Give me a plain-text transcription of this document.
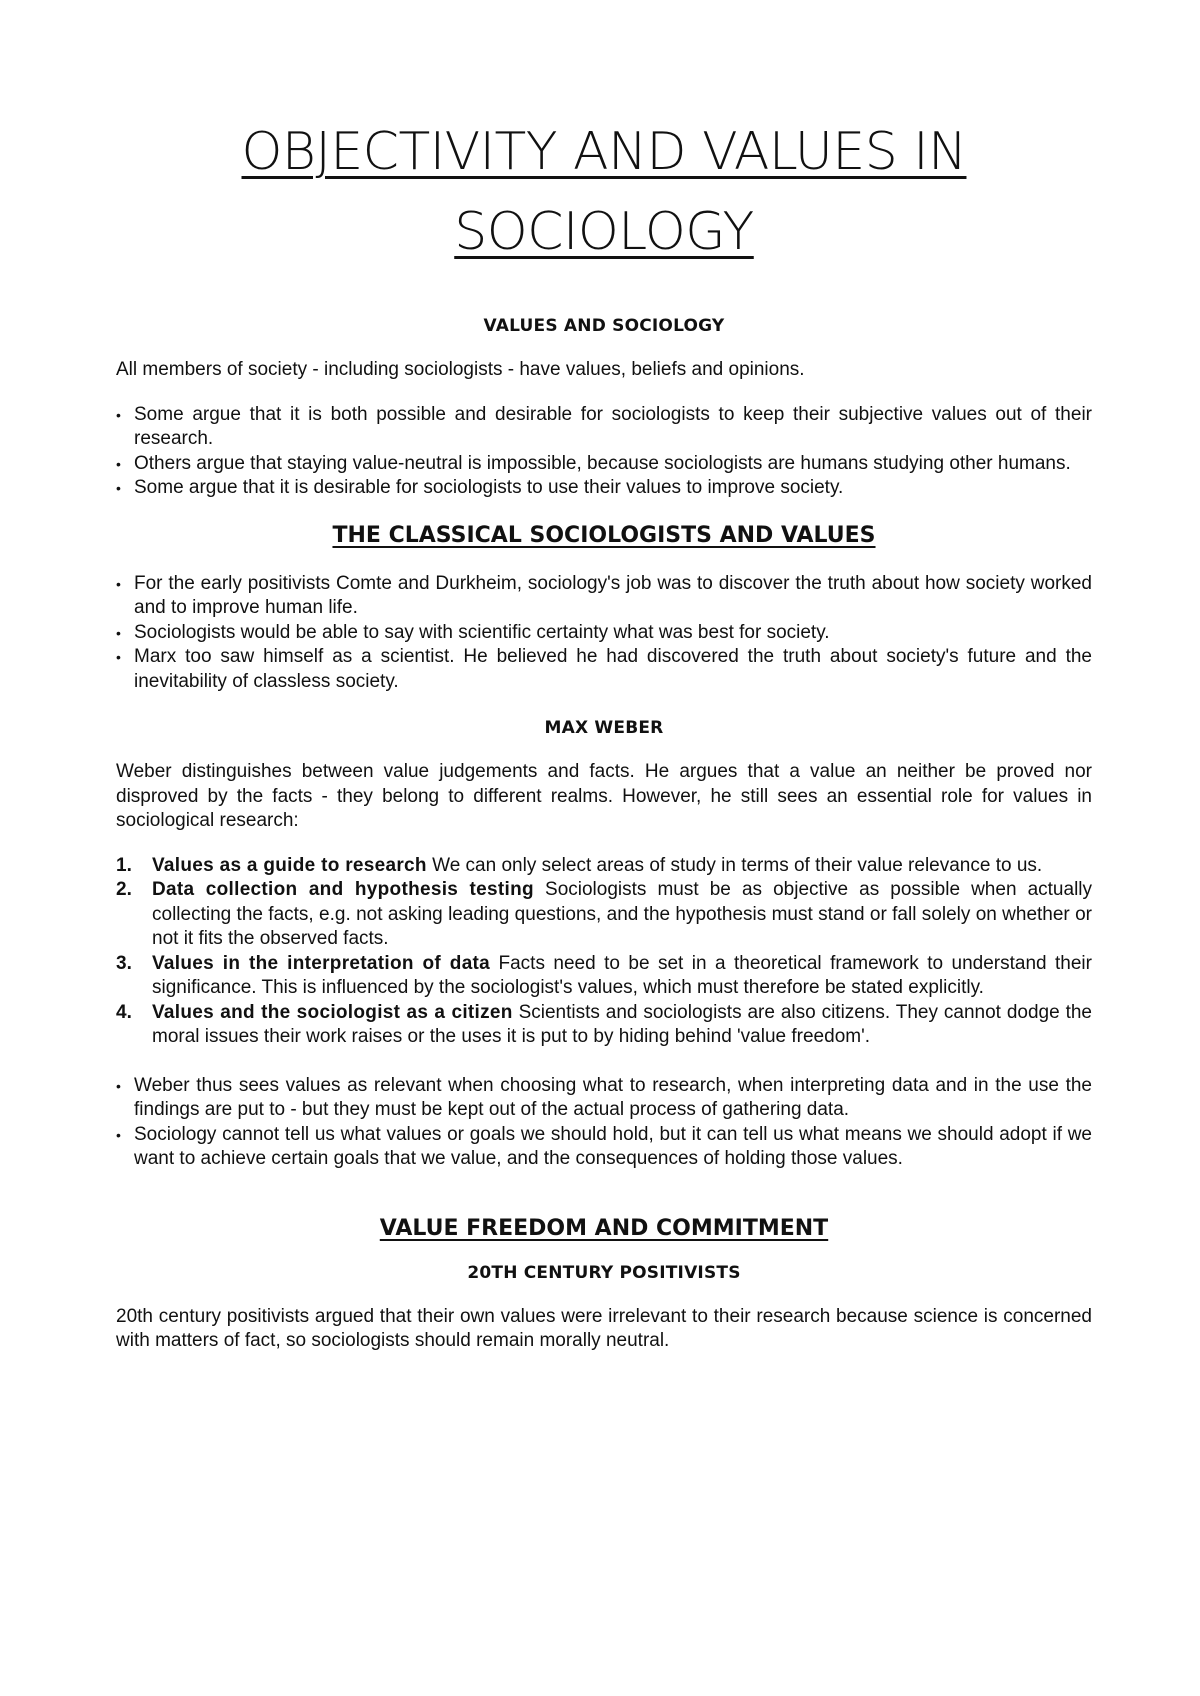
OBJECTIVITY AND VALUES IN
SOCIOLOGY
VALUES AND SOCIOLOGY

All members of society - including sociologists - have values, beliefs and opinions.

• Some argue that it is both possible and desirable for sociologists to keep their subjective values out of their research.
• Others argue that staying value-neutral is impossible, because sociologists are humans studying other humans.
• Some argue that it is desirable for sociologists to use their values to improve society.
THE CLASSICAL SOCIOLOGISTS AND VALUES
• For the early positivists Comte and Durkheim, sociology's job was to discover the truth about how society worked and to improve human life.
• Sociologists would be able to say with scientific certainty what was best for society.
• Marx too saw himself as a scientist. He believed he had discovered the truth about society's future and the inevitability of classless society.
MAX WEBER

Weber distinguishes between value judgements and facts. He argues that a value an neither be proved nor disproved by the facts - they belong to different realms. However, he still sees an essential role for values in sociological research:

1. Values as a guide to research We can only select areas of study in terms of their value relevance to us.
2. Data collection and hypothesis testing Sociologists must be as objective as possible when actually collecting the facts, e.g. not asking leading questions, and the hypothesis must stand or fall solely on whether or not it fits the observed facts.
3. Values in the interpretation of data Facts need to be set in a theoretical framework to understand their significance. This is influenced by the sociologist's values, which must therefore be stated explicitly.
4. Values and the sociologist as a citizen Scientists and sociologists are also citizens. They cannot dodge the moral issues their work raises or the uses it is put to by hiding behind 'value freedom'.
• Weber thus sees values as relevant when choosing what to research, when interpreting data and in the use the findings are put to - but they must be kept out of the actual process of gathering data.
• Sociology cannot tell us what values or goals we should hold, but it can tell us what means we should adopt if we want to achieve certain goals that we value, and the consequences of holding those values.
VALUE FREEDOM AND COMMITMENT
20TH CENTURY POSITIVISTS

20th century positivists argued that their own values were irrelevant to their research because science is concerned with matters of fact, so sociologists should remain morally neutral.
